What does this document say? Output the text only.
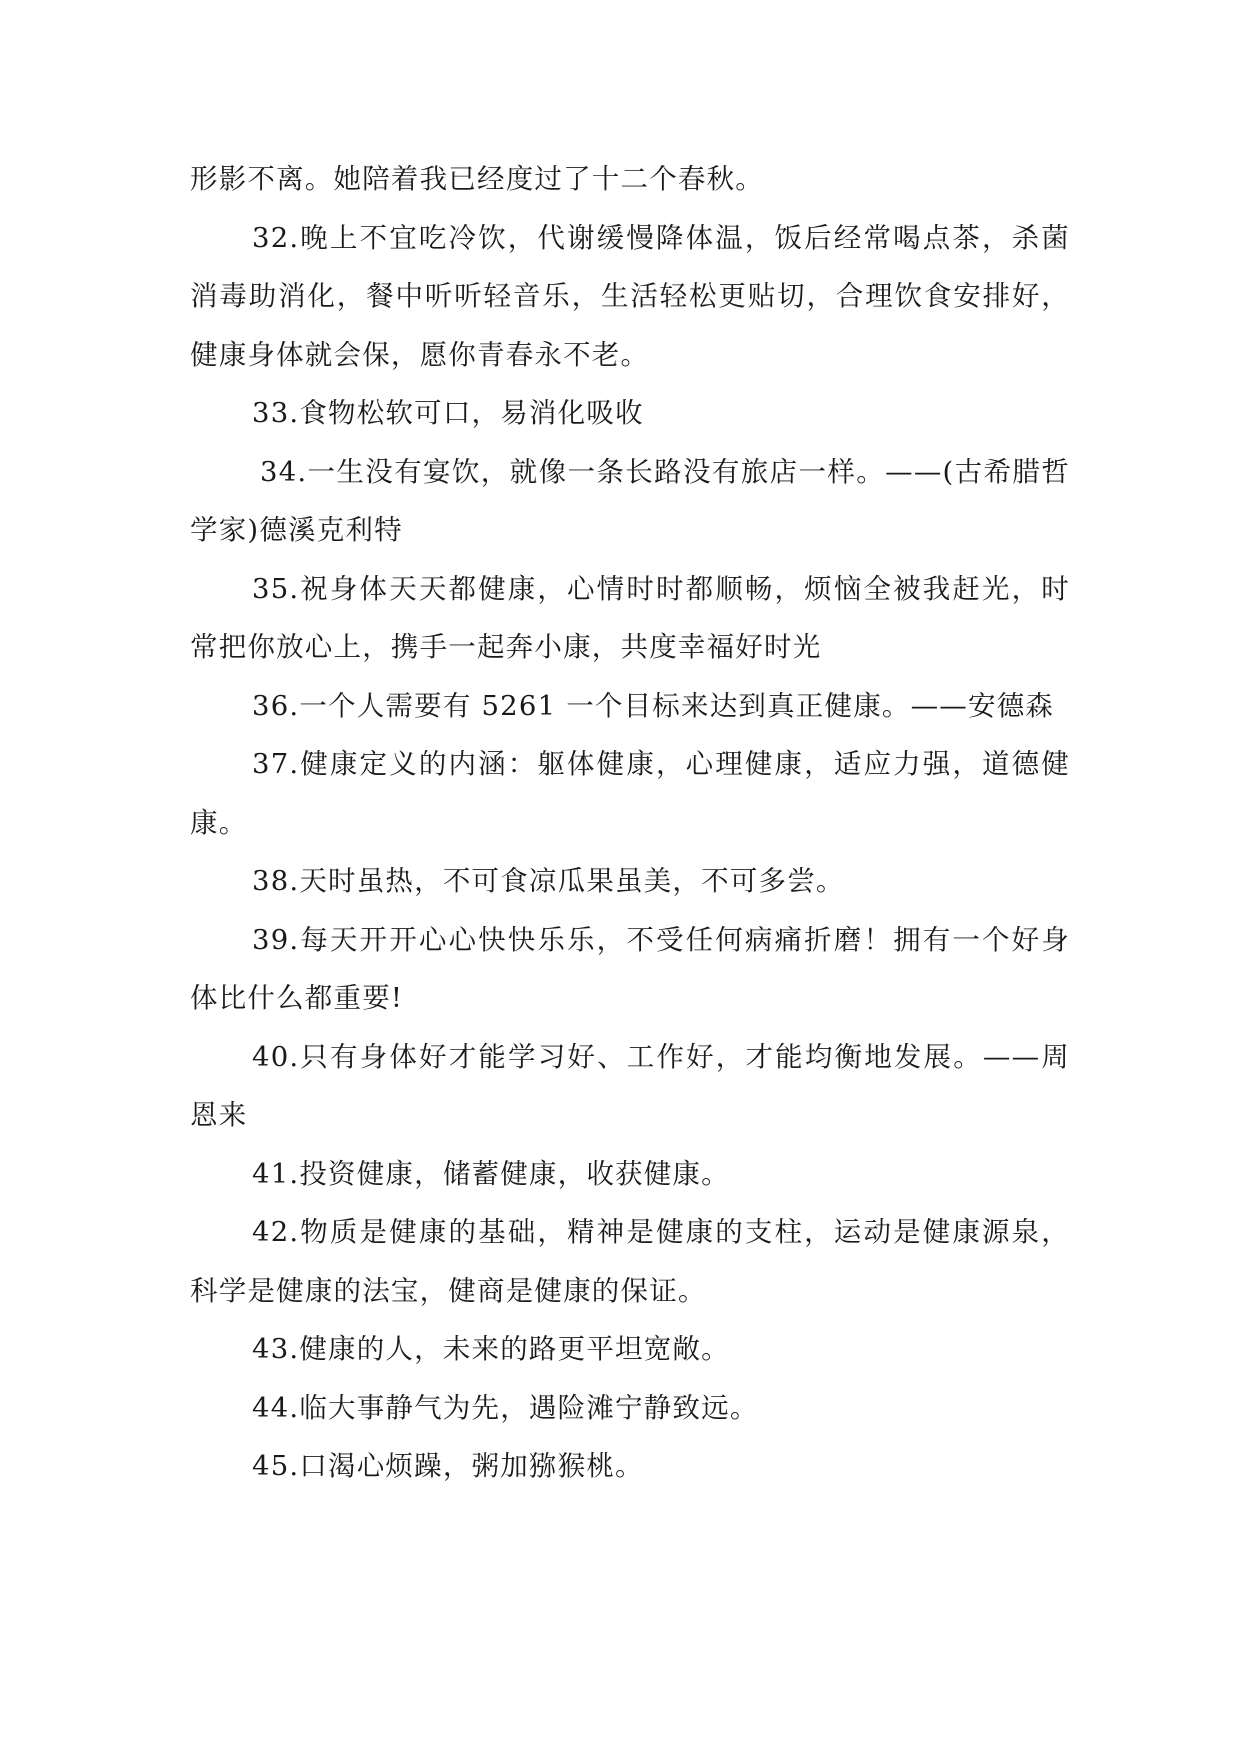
形影不离。她陪着我已经度过了十二个春秋。

32.晚上不宜吃冷饮，代谢缓慢降体温，饭后经常喝点茶，杀菌消毒助消化，餐中听听轻音乐，生活轻松更贴切，合理饮食安排好，健康身体就会保，愿你青春永不老。

33.食物松软可口，易消化吸收

34.一生没有宴饮，就像一条长路没有旅店一样。——(古希腊哲学家)德溪克利特

35.祝身体天天都健康，心情时时都顺畅，烦恼全被我赶光，时常把你放心上，携手一起奔小康，共度幸福好时光

36.一个人需要有 5261 一个目标来达到真正健康。——安德森

37.健康定义的内涵：躯体健康，心理健康，适应力强，道德健康。

38.天时虽热，不可食凉瓜果虽美，不可多尝。

39.每天开开心心快快乐乐，不受任何病痛折磨！拥有一个好身体比什么都重要!

40.只有身体好才能学习好、工作好，才能均衡地发展。——周恩来

41.投资健康，储蓄健康，收获健康。

42.物质是健康的基础，精神是健康的支柱，运动是健康源泉，科学是健康的法宝，健商是健康的保证。

43.健康的人，未来的路更平坦宽敞。

44.临大事静气为先，遇险滩宁静致远。

45.口渴心烦躁，粥加猕猴桃。
